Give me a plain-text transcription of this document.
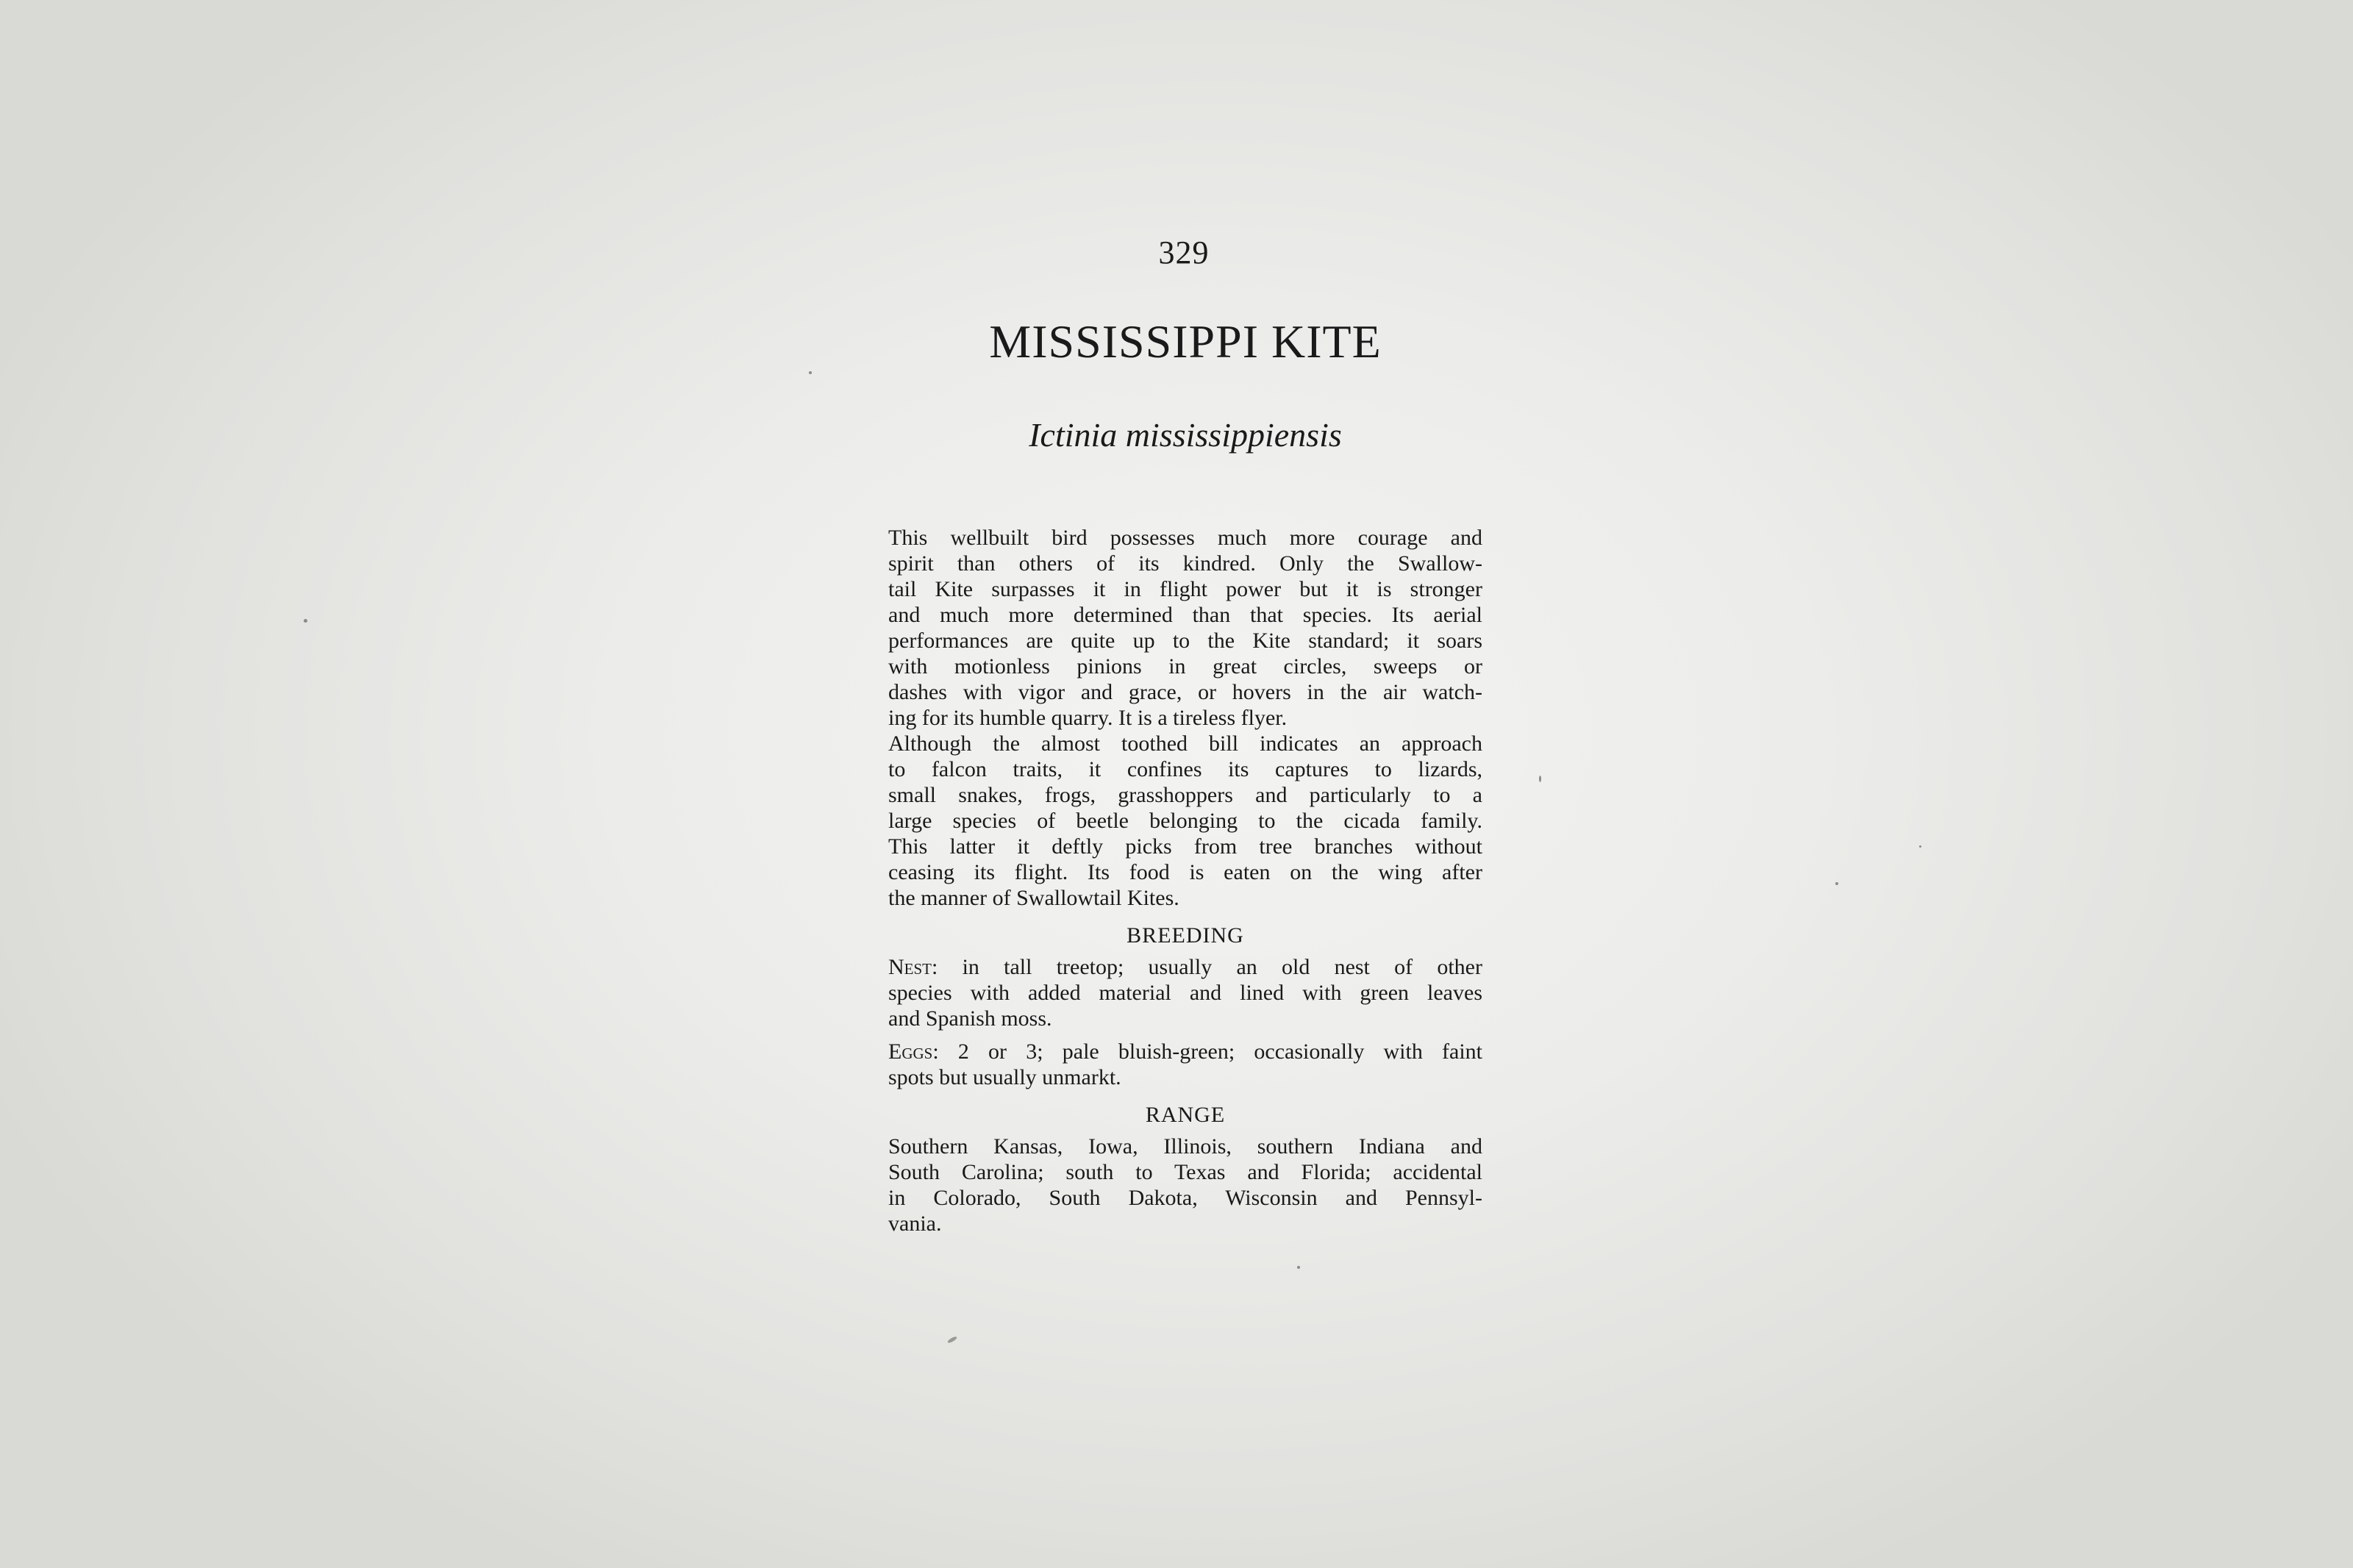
329
MISSISSIPPI KITE
Ictinia mississippiensis

This wellbuilt bird possesses much more courage and
spirit than others of its kindred. Only the Swallow-
tail Kite surpasses it in flight power but it is stronger
and much more determined than that species. Its aerial
performances are quite up to the Kite standard; it soars
with motionless pinions in great circles, sweeps or
dashes with vigor and grace, or hovers in the air watch-
ing for its humble quarry. It is a tireless flyer.
Although the almost toothed bill indicates an approach
to falcon traits, it confines its captures to lizards,
small snakes, frogs, grasshoppers and particularly to a
large species of beetle belonging to the cicada family.
This latter it deftly picks from tree branches without
ceasing its flight. Its food is eaten on the wing after
the manner of Swallowtail Kites.

BREEDING

Nest: in tall treetop; usually an old nest of other
species with added material and lined with green leaves
and Spanish moss.

Eggs: 2 or 3; pale bluish-green; occasionally with faint
spots but usually unmarkt.

RANGE

Southern Kansas, Iowa, Illinois, southern Indiana and
South Carolina; south to Texas and Florida; accidental
in Colorado, South Dakota, Wisconsin and Pennsyl-
vania.
